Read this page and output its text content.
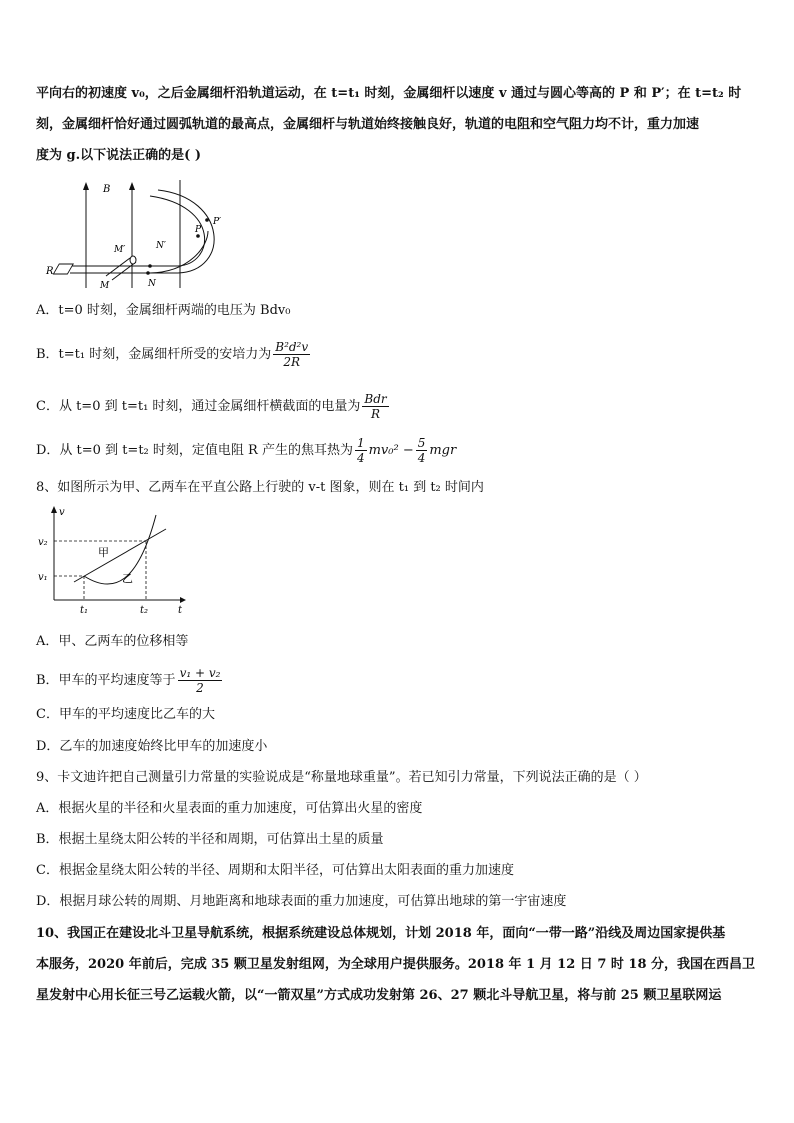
平向右的初速度 v₀，之后金属细杆沿轨道运动，在 t=t₁ 时刻，金属细杆以速度 v 通过与圆心等高的 P 和 P′；在 t=t₂ 时
刻，金属细杆恰好通过圆弧轨道的最高点，金属细杆与轨道始终接触良好，轨道的电阻和空气阻力均不计，重力加速
度为 g.以下说法正确的是( )
B
R
M′
M
N′
N
P
P′
A．t=0 时刻，金属细杆两端的电压为 Bdv₀
B．t=t₁ 时刻，金属细杆所受的安培力为 $\frac{\text{B²d²v}}{2R}$
C．从 t=0 到 t=t₁ 时刻，通过金属细杆横截面的电量为 $\frac{\text{Bdr}}{R}$
D．从 t=0 到 t=t₂ 时刻，定值电阻 R 产生的焦耳热为 $\frac{1}{4} mv_0^2 - \frac{5}{4}$ mgr
8、如图所示为甲、乙两车在平直公路上行驶的 v-t 图象，则在 t₁ 到 t₂ 时间内
v
t
v₂
v₁
t₁	t₂
甲
乙
A．甲、乙两车的位移相等
B．甲车的平均速度等于 $\frac{\text{v₁ + v₂}}{2}$
C．甲车的平均速度比乙车的大
D．乙车的加速度始终比甲车的加速度小
9、卡文迪许把自己测量引力常量的实验说成是“称量地球重量”。若已知引力常量，下列说法正确的是（ ）
A．根据火星的半径和火星表面的重力加速度，可估算出火星的密度
B．根据土星绕太阳公转的半径和周期，可估算出土星的质量
C．根据金星绕太阳公转的半径、周期和太阳半径，可估算出太阳表面的重力加速度
D．根据月球公转的周期、月地距离和地球表面的重力加速度，可估算出地球的第一宇宙速度
10、我国正在建设北斗卫星导航系统，根据系统建设总体规划，计划 2018 年，面向“一带一路”沿线及周边国家提供基
本服务，2020 年前后，完成 35 颗卫星发射组网，为全球用户提供服务。2018 年 1 月 12 日 7 时 18 分，我国在西昌卫
星发射中心用长征三号乙运载火箭，以“一箭双星”方式成功发射第 26、27 颗北斗导航卫星，将与前 25 颗卫星联网运
